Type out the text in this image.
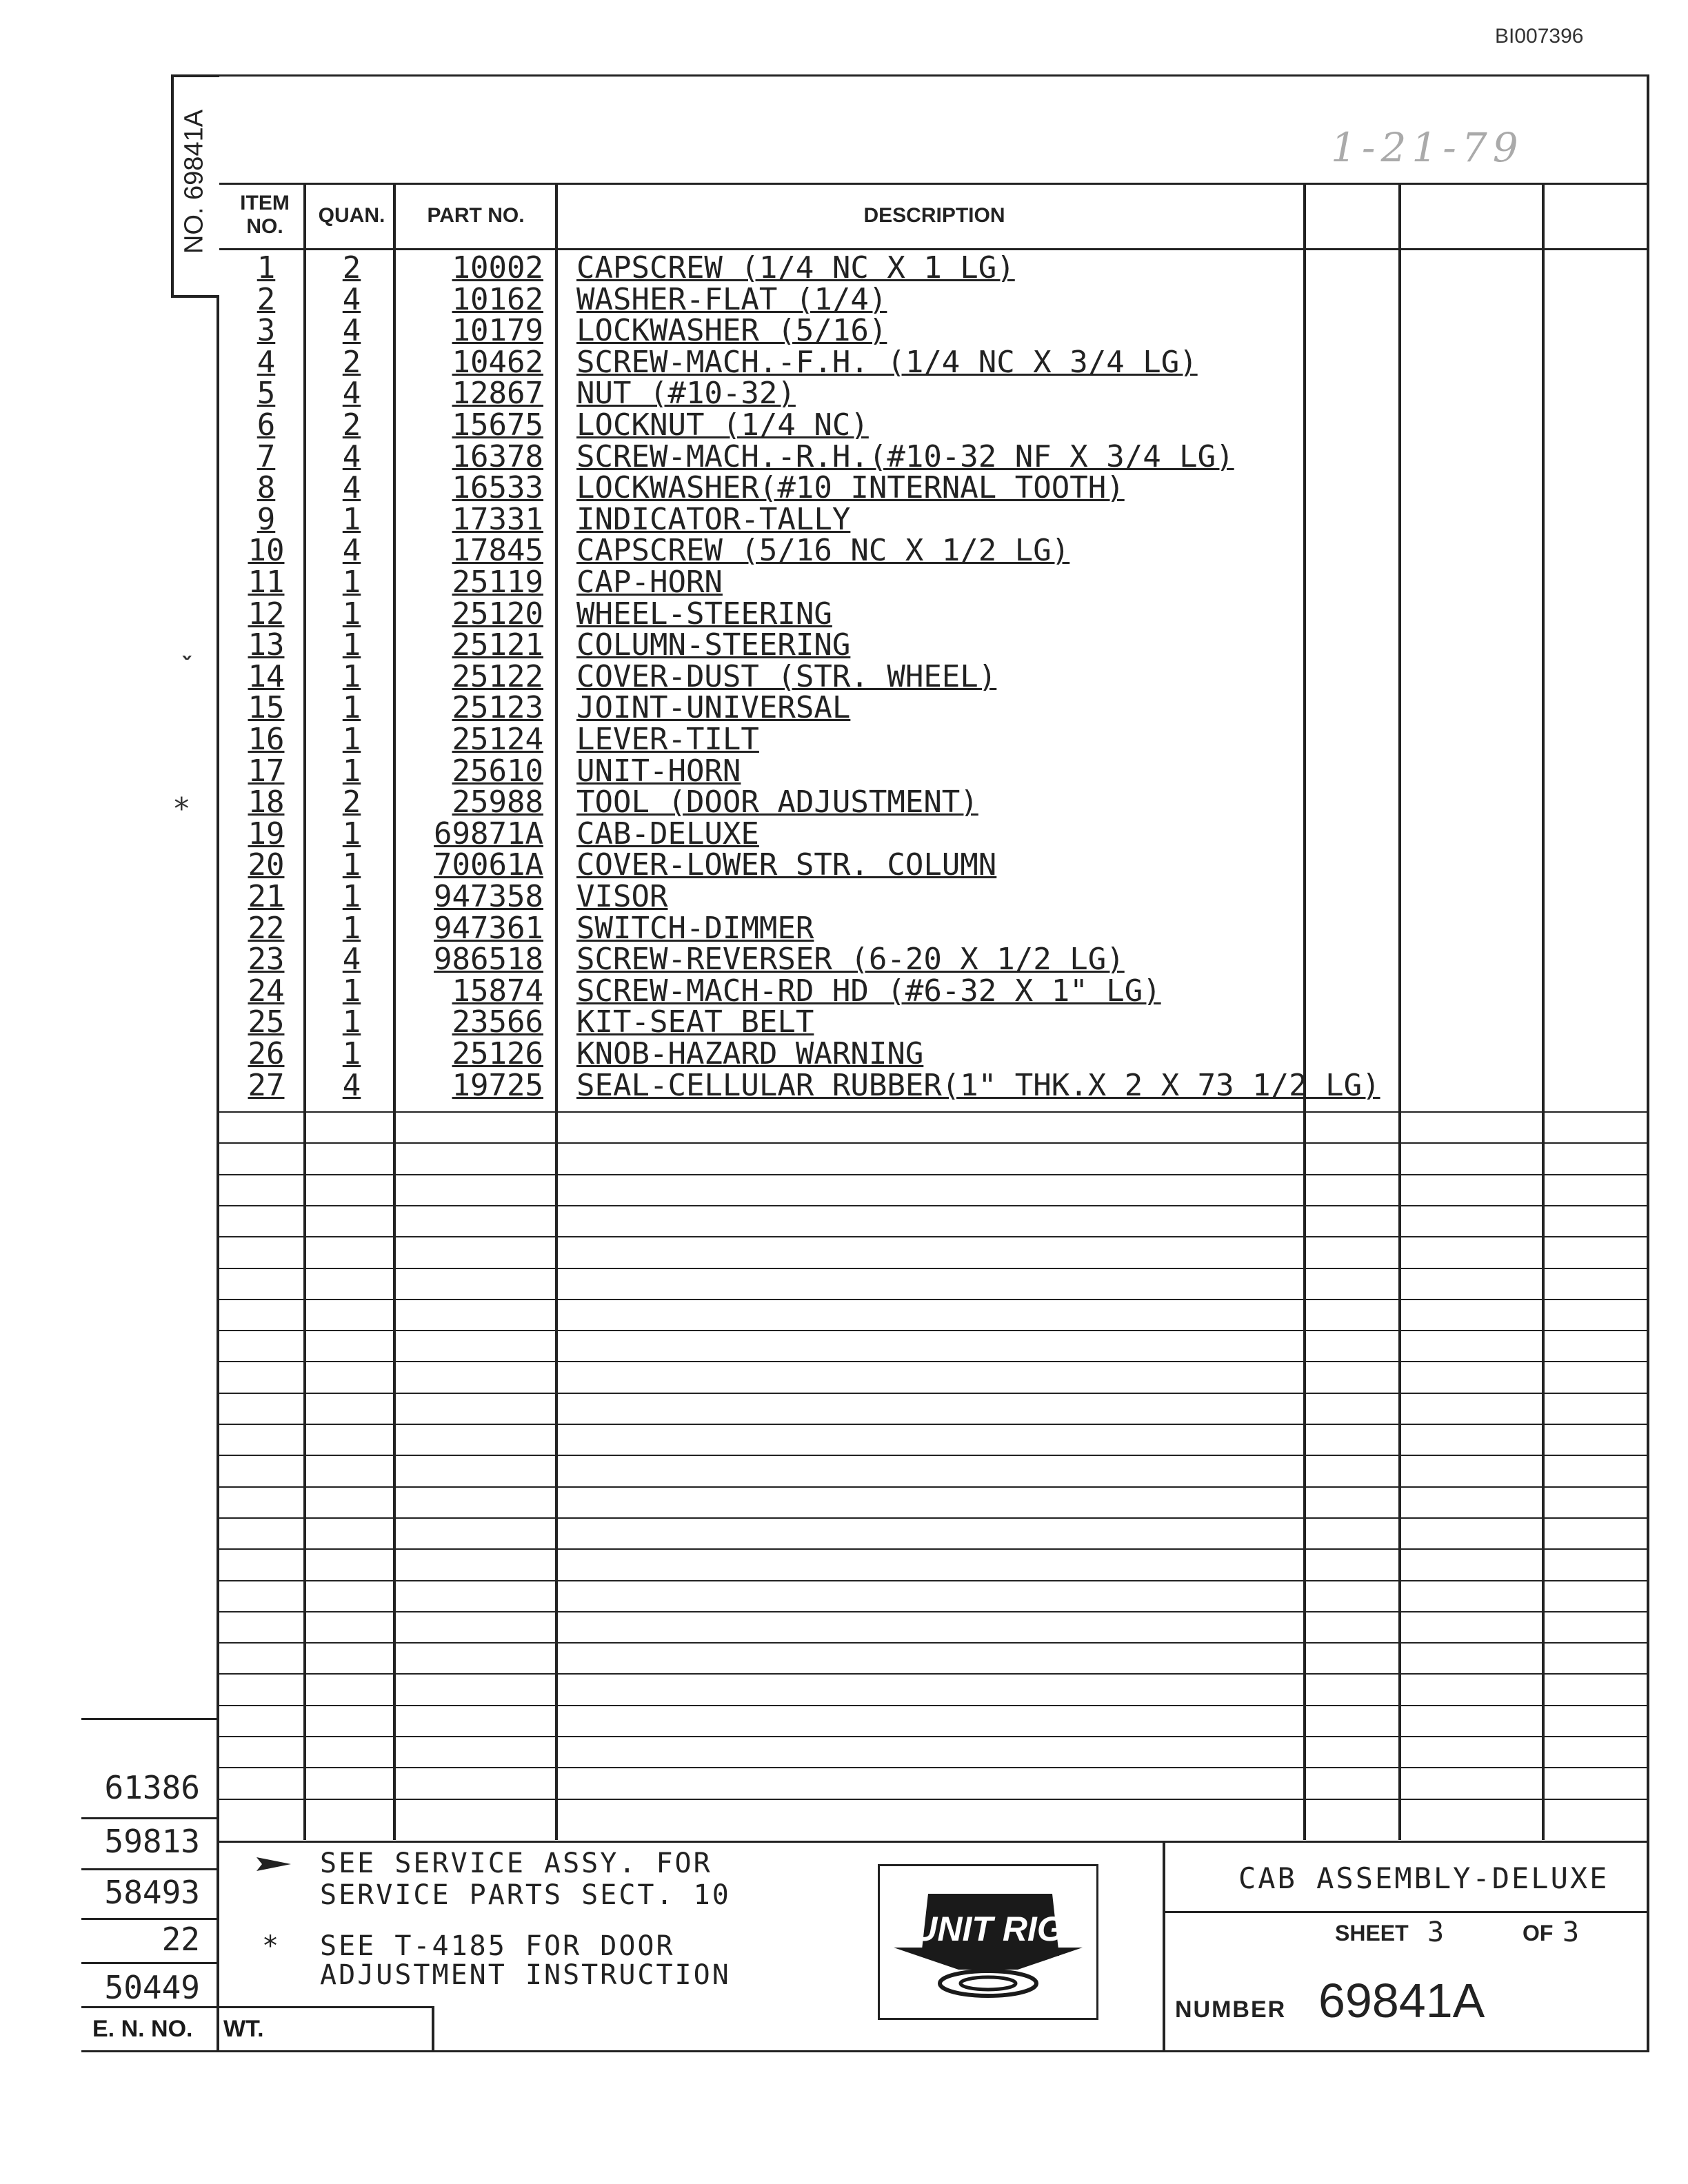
BI007396
1-21-79
NO. 69841A	ITEM NO.	QUAN.	PART NO.	DESCRIPTION
1	2	10002 CAPSCREW (1/4 NC X 1 LG)
2	4	10162 WASHER-FLAT (1/4)
3	4	10179 LOCKWASHER (5/16)
4	2	10462 SCREW-MACH.-F.H. (1/4 NC X 3/4 LG)
5	4	12867 NUT (#10-32)
6	2	15675 LOCKNUT (1/4 NC)
7	4	16378 SCREW-MACH.-R.H.(#10-32 NF X 3/4 LG)
8	4	16533 LOCKWASHER(#10 INTERNAL TOOTH)
9	1	17331 INDICATOR-TALLY
10	4	17845 CAPSCREW (5/16 NC X 1/2 LG)
11	1	25119 CAP-HORN
12	1	25120 WHEEL-STEERING
13	1	25121 COLUMN-STEERING
14	1	25122 COVER-DUST (STR. WHEEL)
15	1	25123 JOINT-UNIVERSAL
16	1	25124 LEVER-TILT
17	1	25610 UNIT-HORN
18	2	25988 TOOL (DOOR ADJUSTMENT)
19	1	69871A CAB-DELUXE
20	1	70061A COVER-LOWER STR. COLUMN
21	1	947358 VISOR
22	1	947361 SWITCH-DIMMER
23	4	986518 SCREW-REVERSER (6-20 X 1/2 LG)
24	1	15874 SCREW-MACH-RD HD (#6-32 X 1" LG)
25	1	23566 KIT-SEAT BELT
26	1	25126 KNOB-HAZARD WARNING
27	4	19725 SEAL-CELLULAR RUBBER(1" THK.X 2 X 73 1/2 LG)
ˬ
*
61386
59813
58493
22
50449
E. N. NO. WT.
SEE SERVICE ASSY. FOR
SERVICE PARTS SECT. 10
* SEE T-4185 FOR DOOR
ADJUSTMENT INSTRUCTION
UNIT RIG
CAB ASSEMBLY-DELUXE
SHEET 3	OF 3
NUMBER 69841A
